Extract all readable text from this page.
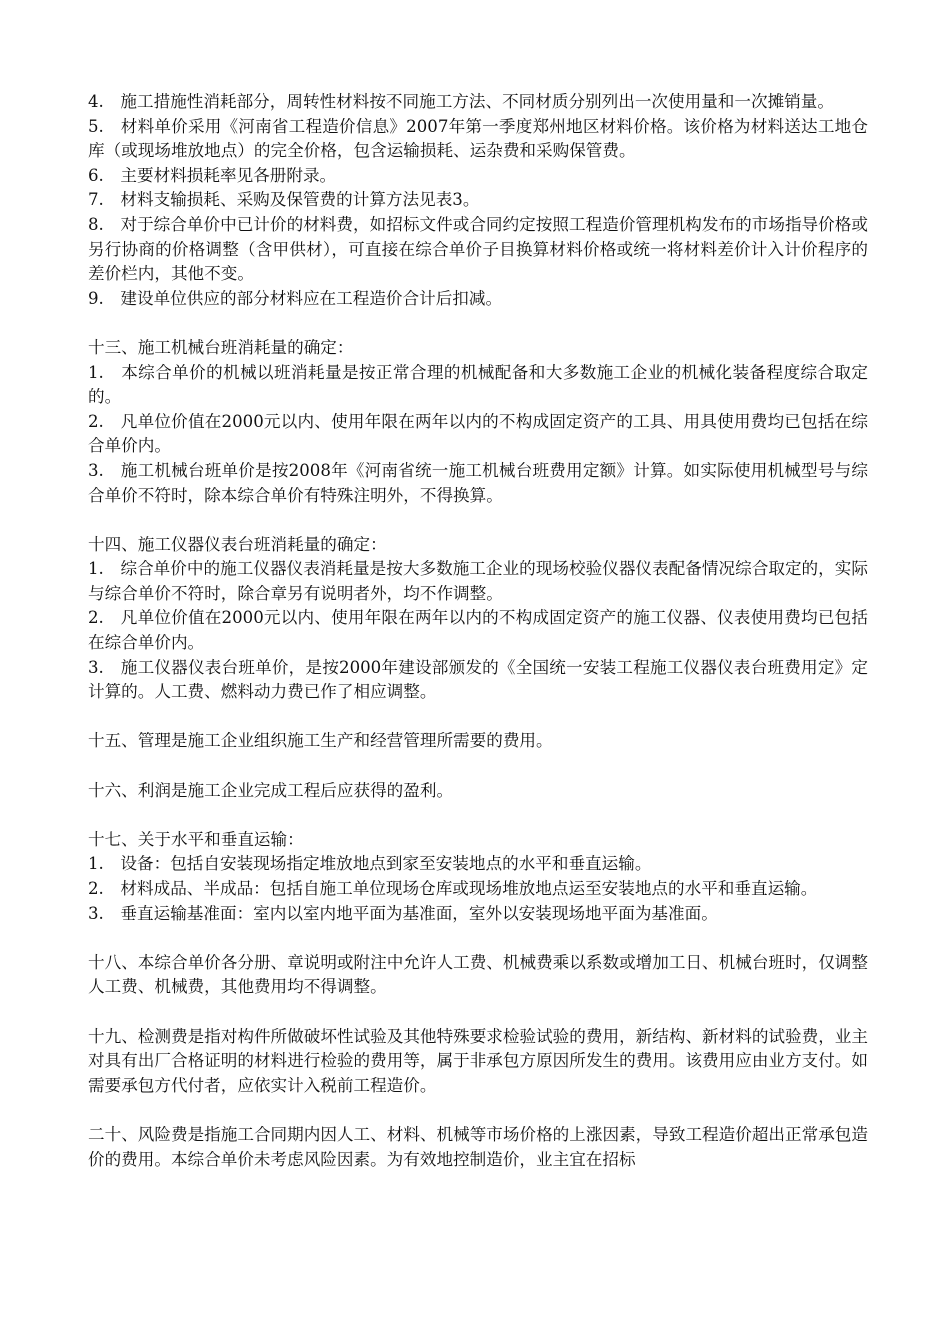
4.　施工措施性消耗部分，周转性材料按不同施工方法、不同材质分别列出一次使用量和一次摊销量。

5.　材料单价采用《河南省工程造价信息》2007年第一季度郑州地区材料价格。该价格为材料送达工地仓库（或现场堆放地点）的完全价格，包含运输损耗、运杂费和采购保管费。

6.　主要材料损耗率见各册附录。

7.　材料支输损耗、采购及保管费的计算方法见表3。

8.　对于综合单价中已计价的材料费，如招标文件或合同约定按照工程造价管理机构发布的市场指导价格或另行协商的价格调整（含甲供材），可直接在综合单价子目换算材料价格或统一将材料差价计入计价程序的差价栏内，其他不变。

9.　建设单位供应的部分材料应在工程造价合计后扣减。

十三、施工机械台班消耗量的确定：

1.　本综合单价的机械以班消耗量是按正常合理的机械配备和大多数施工企业的机械化装备程度综合取定的。

2.　凡单位价值在2000元以内、使用年限在两年以内的不构成固定资产的工具、用具使用费均已包括在综合单价内。

3.　施工机械台班单价是按2008年《河南省统一施工机械台班费用定额》计算。如实际使用机械型号与综合单价不符时，除本综合单价有特殊注明外，不得换算。

十四、施工仪器仪表台班消耗量的确定：

1.　综合单价中的施工仪器仪表消耗量是按大多数施工企业的现场校验仪器仪表配备情况综合取定的，实际与综合单价不符时，除合章另有说明者外，均不作调整。

2.　凡单位价值在2000元以内、使用年限在两年以内的不构成固定资产的施工仪器、仪表使用费均已包括在综合单价内。

3.　施工仪器仪表台班单价，是按2000年建设部颁发的《全国统一安装工程施工仪器仪表台班费用定》定计算的。人工费、燃料动力费已作了相应调整。

十五、管理是施工企业组织施工生产和经营管理所需要的费用。

十六、利润是施工企业完成工程后应获得的盈利。

十七、关于水平和垂直运输：

1.　设备：包括自安装现场指定堆放地点到家至安装地点的水平和垂直运输。

2.　材料成品、半成品：包括自施工单位现场仓库或现场堆放地点运至安装地点的水平和垂直运输。

3.　垂直运输基准面：室内以室内地平面为基准面，室外以安装现场地平面为基准面。

十八、本综合单价各分册、章说明或附注中允许人工费、机械费乘以系数或增加工日、机械台班时，仅调整人工费、机械费，其他费用均不得调整。

十九、检测费是指对构件所做破坏性试验及其他特殊要求检验试验的费用，新结构、新材料的试验费，业主对具有出厂合格证明的材料进行检验的费用等，属于非承包方原因所发生的费用。该费用应由业方支付。如需要承包方代付者，应依实计入税前工程造价。

二十、风险费是指施工合同期内因人工、材料、机械等市场价格的上涨因素，导致工程造价超出正常承包造价的费用。本综合单价未考虑风险因素。为有效地控制造价，业主宜在招标
